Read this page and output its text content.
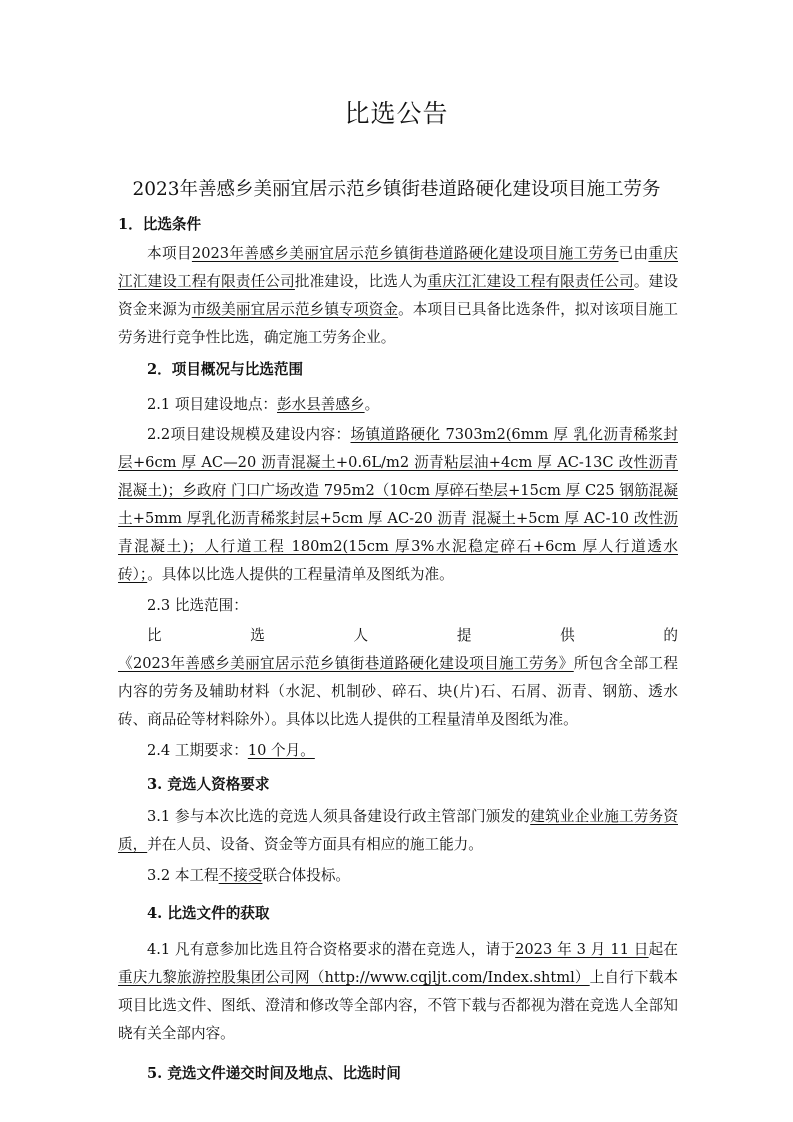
比选公告
2023年善感乡美丽宜居示范乡镇街巷道路硬化建设项目施工劳务

1．比选条件

本项目2023年善感乡美丽宜居示范乡镇街巷道路硬化建设项目施工劳务已由重庆江汇建设工程有限责任公司批准建设，比选人为重庆江汇建设工程有限责任公司。建设资金来源为市级美丽宜居示范乡镇专项资金。本项目已具备比选条件，拟对该项目施工劳务进行竞争性比选，确定施工劳务企业。

2．项目概况与比选范围

2.1 项目建设地点：彭水县善感乡。

2.2项目建设规模及建设内容：场镇道路硬化 7303m2(6mm 厚 乳化沥青稀浆封层+6cm 厚 AC—20 沥青混凝土+0.6L/m2 沥青粘层油+4cm 厚 AC-13C 改性沥青混凝土)；乡政府 门口广场改造 795m2（10cm 厚碎石垫层+15cm 厚 C25 钢筋混凝土+5mm 厚乳化沥青稀浆封层+5cm 厚 AC-20 沥青 混凝土+5cm 厚 AC-10 改性沥青混凝土)；人行道工程 180m2(15cm 厚3%水泥稳定碎石+6cm 厚人行道透水砖）；。具体以比选人提供的工程量清单及图纸为准。

2.3 比选范围：

比选人提供的《2023年善感乡美丽宜居示范乡镇街巷道路硬化建设项目施工劳务》所包含全部工程内容的劳务及辅助材料（水泥、机制砂、碎石、块(片)石、石屑、沥青、钢筋、透水砖、商品砼等材料除外）。具体以比选人提供的工程量清单及图纸为准。

2.4 工期要求：10 个月。

3. 竞选人资格要求

3.1 参与本次比选的竞选人须具备建设行政主管部门颁发的建筑业企业施工劳务资质，并在人员、设备、资金等方面具有相应的施工能力。

3.2 本工程不接受联合体投标。

4. 比选文件的获取

4.1 凡有意参加比选且符合资格要求的潜在竞选人，请于2023 年 3 月 11 日起在重庆九黎旅游控股集团公司网（http://www.cqjljt.com/Index.shtml）上自行下载本项目比选文件、图纸、澄清和修改等全部内容，不管下载与否都视为潜在竞选人全部知晓有关全部内容。

5. 竞选文件递交时间及地点、比选时间
